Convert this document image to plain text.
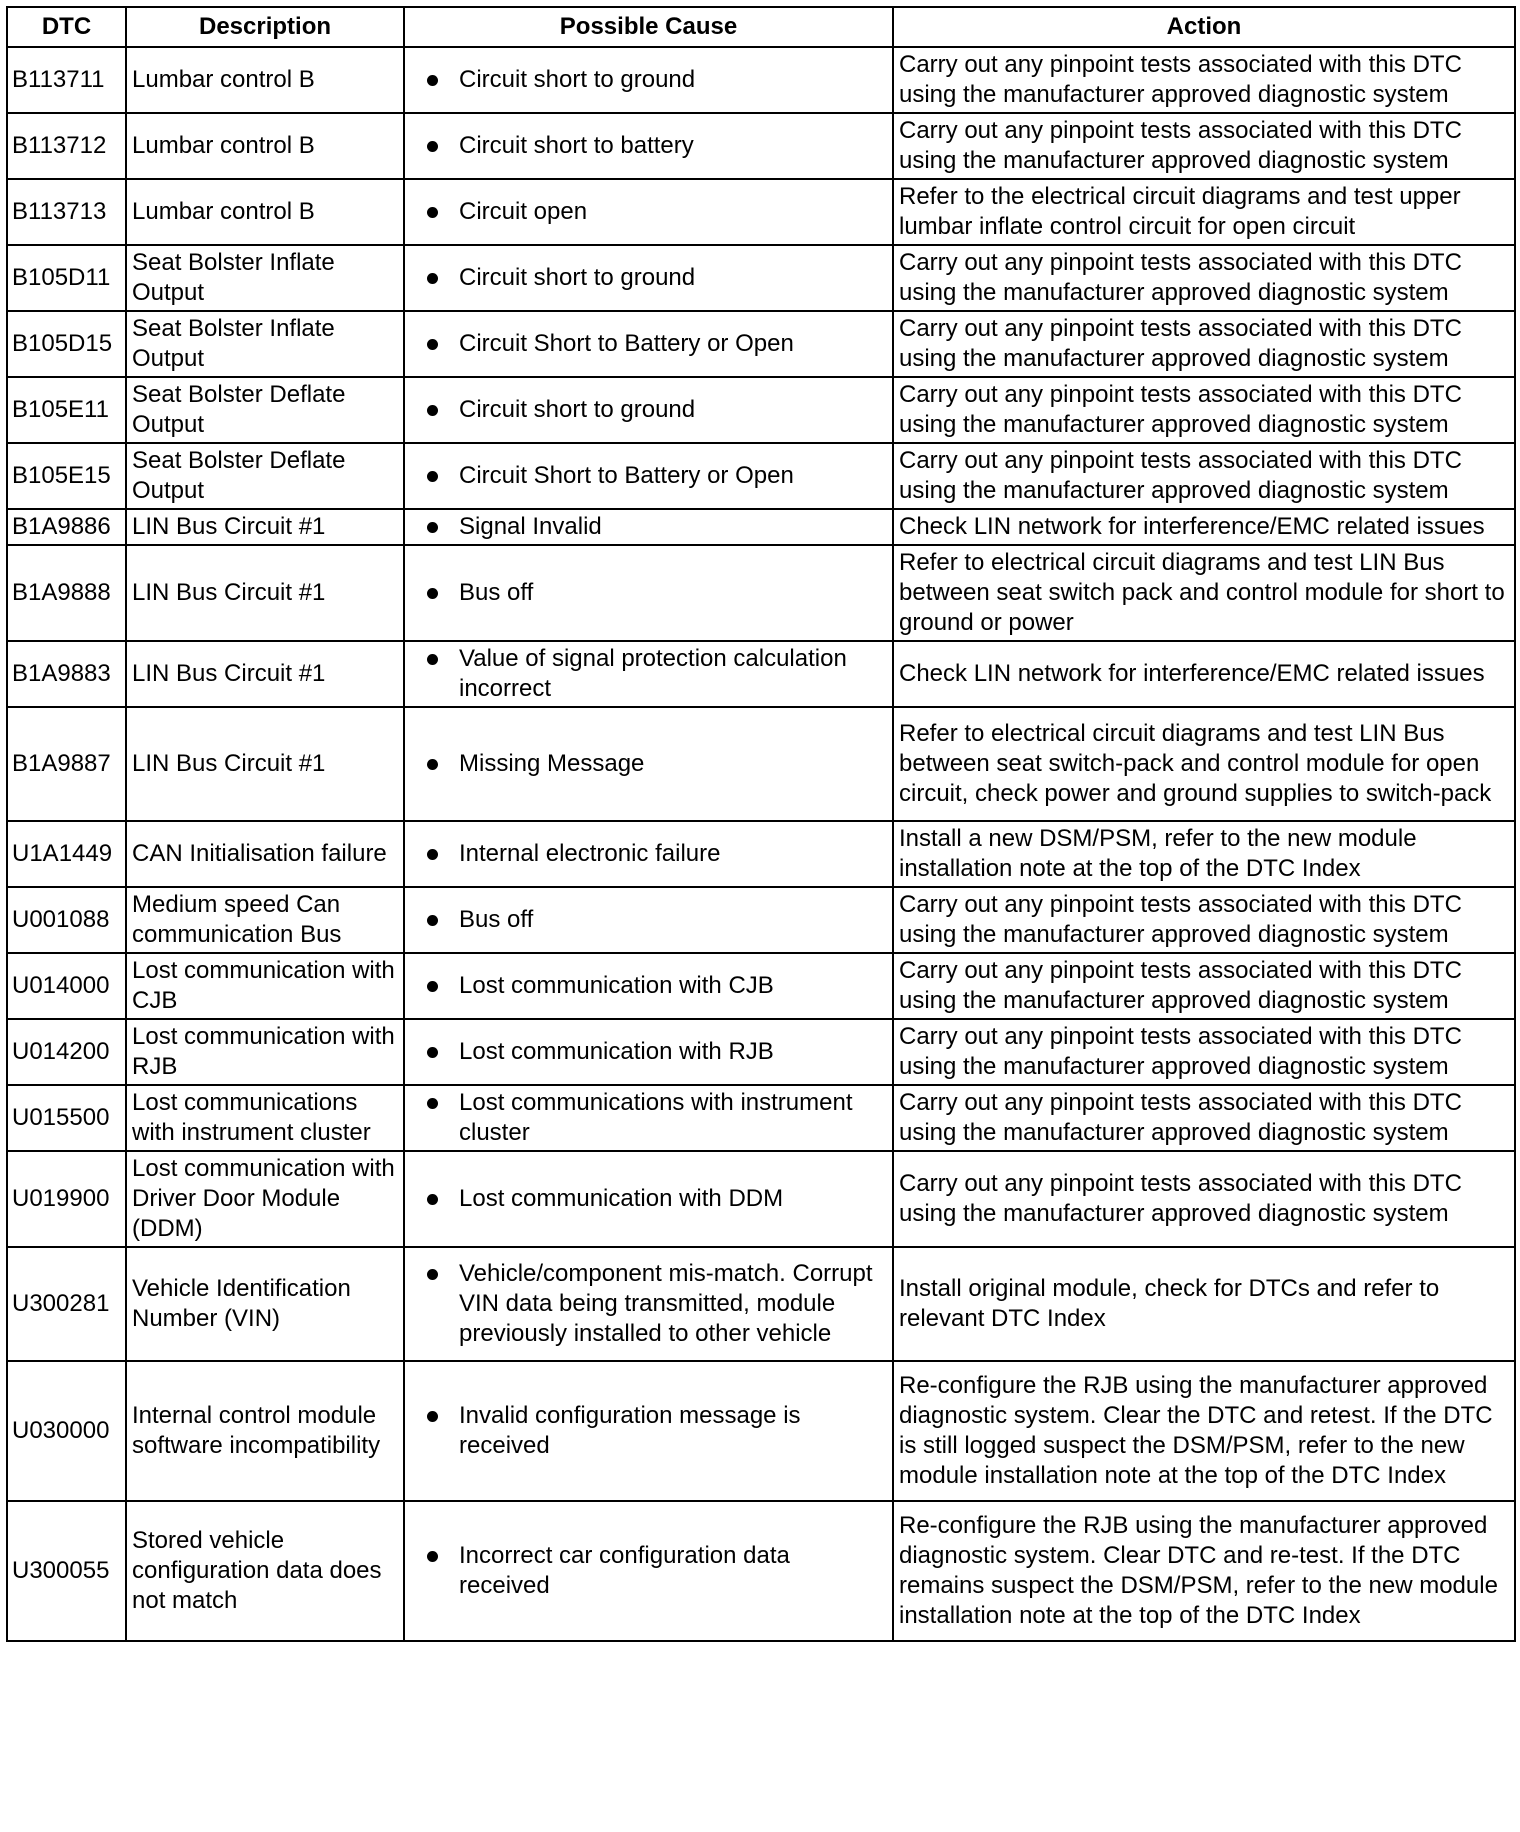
DTC	Description	Possible Cause	Action
B113711	Lumbar control B	Circuit short to ground	Carry out any pinpoint tests associated with this DTC using the manufacturer approved diagnostic system
B113712	Lumbar control B	Circuit short to battery	Carry out any pinpoint tests associated with this DTC using the manufacturer approved diagnostic system
B113713	Lumbar control B	Circuit open	Refer to the electrical circuit diagrams and test upper lumbar inflate control circuit for open circuit
B105D11	Seat Bolster Inflate Output	Circuit short to ground	Carry out any pinpoint tests associated with this DTC using the manufacturer approved diagnostic system
B105D15	Seat Bolster Inflate Output	Circuit Short to Battery or Open	Carry out any pinpoint tests associated with this DTC using the manufacturer approved diagnostic system
B105E11	Seat Bolster Deflate Output	Circuit short to ground	Carry out any pinpoint tests associated with this DTC using the manufacturer approved diagnostic system
B105E15	Seat Bolster Deflate Output	Circuit Short to Battery or Open	Carry out any pinpoint tests associated with this DTC using the manufacturer approved diagnostic system
B1A9886	LIN Bus Circuit #1	Signal Invalid	Check LIN network for interference/EMC related issues
B1A9888	LIN Bus Circuit #1	Bus off	Refer to electrical circuit diagrams and test LIN Bus between seat switch pack and control module for short to ground or power
B1A9883	LIN Bus Circuit #1	Value of signal protection calculation incorrect	Check LIN network for interference/EMC related issues
B1A9887	LIN Bus Circuit #1	Missing Message	Refer to electrical circuit diagrams and test LIN Bus between seat switch-pack and control module for open circuit, check power and ground supplies to switch-pack
U1A1449	CAN Initialisation failure	Internal electronic failure	Install a new DSM/PSM, refer to the new module installation note at the top of the DTC Index
U001088	Medium speed Can communication Bus	Bus off	Carry out any pinpoint tests associated with this DTC using the manufacturer approved diagnostic system
U014000	Lost communication with CJB	Lost communication with CJB	Carry out any pinpoint tests associated with this DTC using the manufacturer approved diagnostic system
U014200	Lost communication with RJB	Lost communication with RJB	Carry out any pinpoint tests associated with this DTC using the manufacturer approved diagnostic system
U015500	Lost communications with instrument cluster	Lost communications with instrument cluster	Carry out any pinpoint tests associated with this DTC using the manufacturer approved diagnostic system
U019900	Lost communication with Driver Door Module (DDM)	Lost communication with DDM	Carry out any pinpoint tests associated with this DTC using the manufacturer approved diagnostic system
U300281	Vehicle Identification Number (VIN)	Vehicle/component mis-match. Corrupt VIN data being transmitted, module previously installed to other vehicle	Install original module, check for DTCs and refer to relevant DTC Index
U030000	Internal control module software incompatibility	Invalid configuration message is received	Re-configure the RJB using the manufacturer approved diagnostic system. Clear the DTC and retest. If the DTC is still logged suspect the DSM/PSM, refer to the new module installation note at the top of the DTC Index
U300055	Stored vehicle configuration data does not match	Incorrect car configuration data received	Re-configure the RJB using the manufacturer approved diagnostic system. Clear DTC and re-test. If the DTC remains suspect the DSM/PSM, refer to the new module installation note at the top of the DTC Index
